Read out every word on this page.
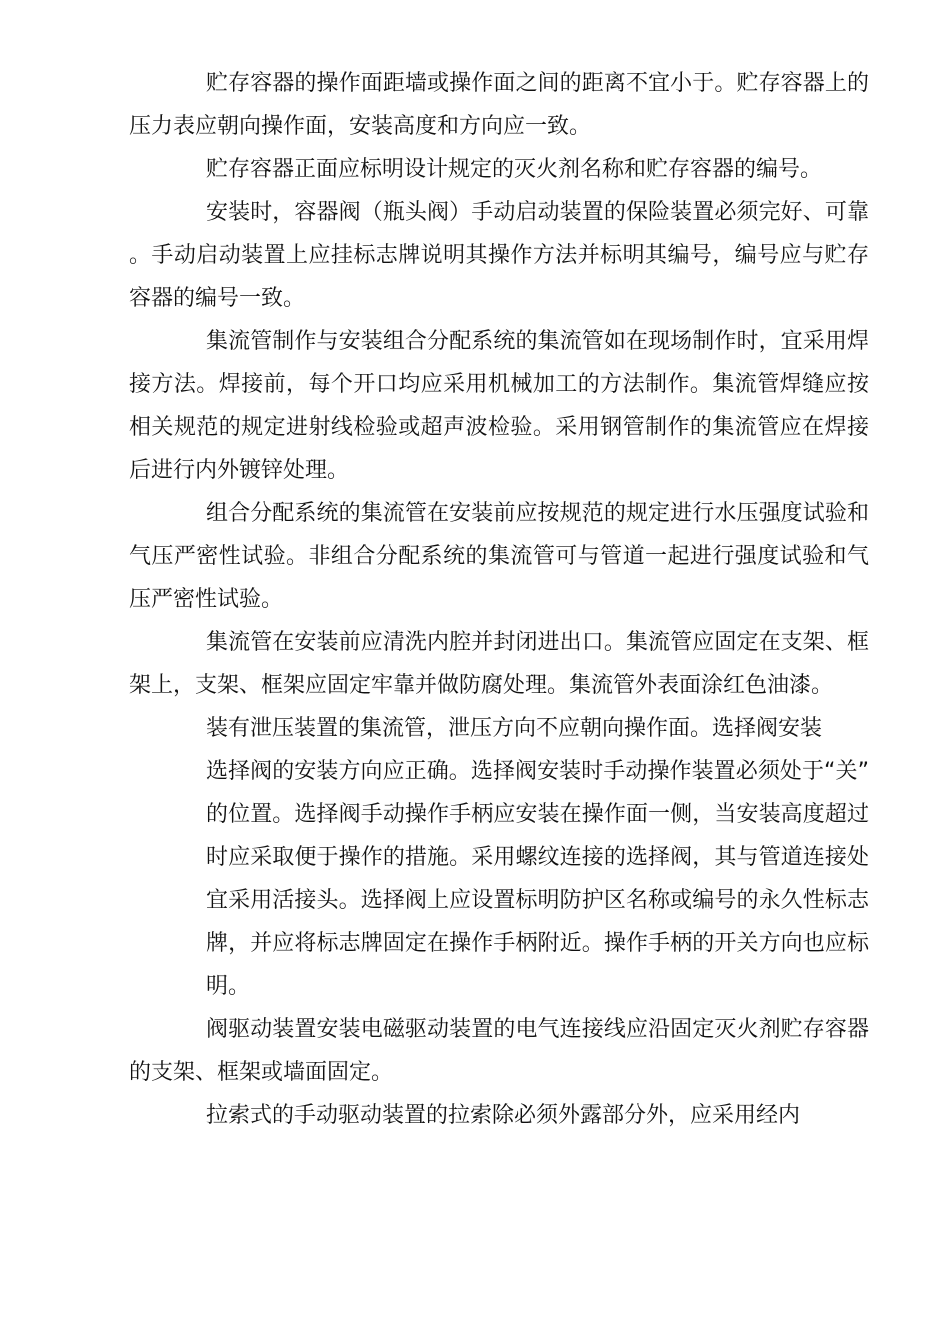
贮存容器的操作面距墙或操作面之间的距离不宜小于。贮存容器上的压力表应朝向操作面，安装高度和方向应一致。

贮存容器正面应标明设计规定的灭火剂名称和贮存容器的编号。

安装时，容器阀（瓶头阀）手动启动装置的保险装置必须完好、可靠。手动启动装置上应挂标志牌说明其操作方法并标明其编号，编号应与贮存容器的编号一致。

集流管制作与安装组合分配系统的集流管如在现场制作时，宜采用焊接方法。焊接前，每个开口均应采用机械加工的方法制作。集流管焊缝应按相关规范的规定进射线检验或超声波检验。采用钢管制作的集流管应在焊接后进行内外镀锌处理。

组合分配系统的集流管在安装前应按规范的规定进行水压强度试验和气压严密性试验。非组合分配系统的集流管可与管道一起进行强度试验和气压严密性试验。

集流管在安装前应清洗内腔并封闭进出口。集流管应固定在支架、框架上，支架、框架应固定牢靠并做防腐处理。集流管外表面涂红色油漆。

装有泄压装置的集流管，泄压方向不应朝向操作面。选择阀安装

选择阀的安装方向应正确。选择阀安装时手动操作装置必须处于“关”的位置。选择阀手动操作手柄应安装在操作面一侧，当安装高度超过时应采取便于操作的措施。采用螺纹连接的选择阀，其与管道连接处宜采用活接头。选择阀上应设置标明防护区名称或编号的永久性标志牌，并应将标志牌固定在操作手柄附近。操作手柄的开关方向也应标明。

阀驱动装置安装电磁驱动装置的电气连接线应沿固定灭火剂贮存容器的支架、框架或墙面固定。

拉索式的手动驱动装置的拉索除必须外露部分外，应采用经内
